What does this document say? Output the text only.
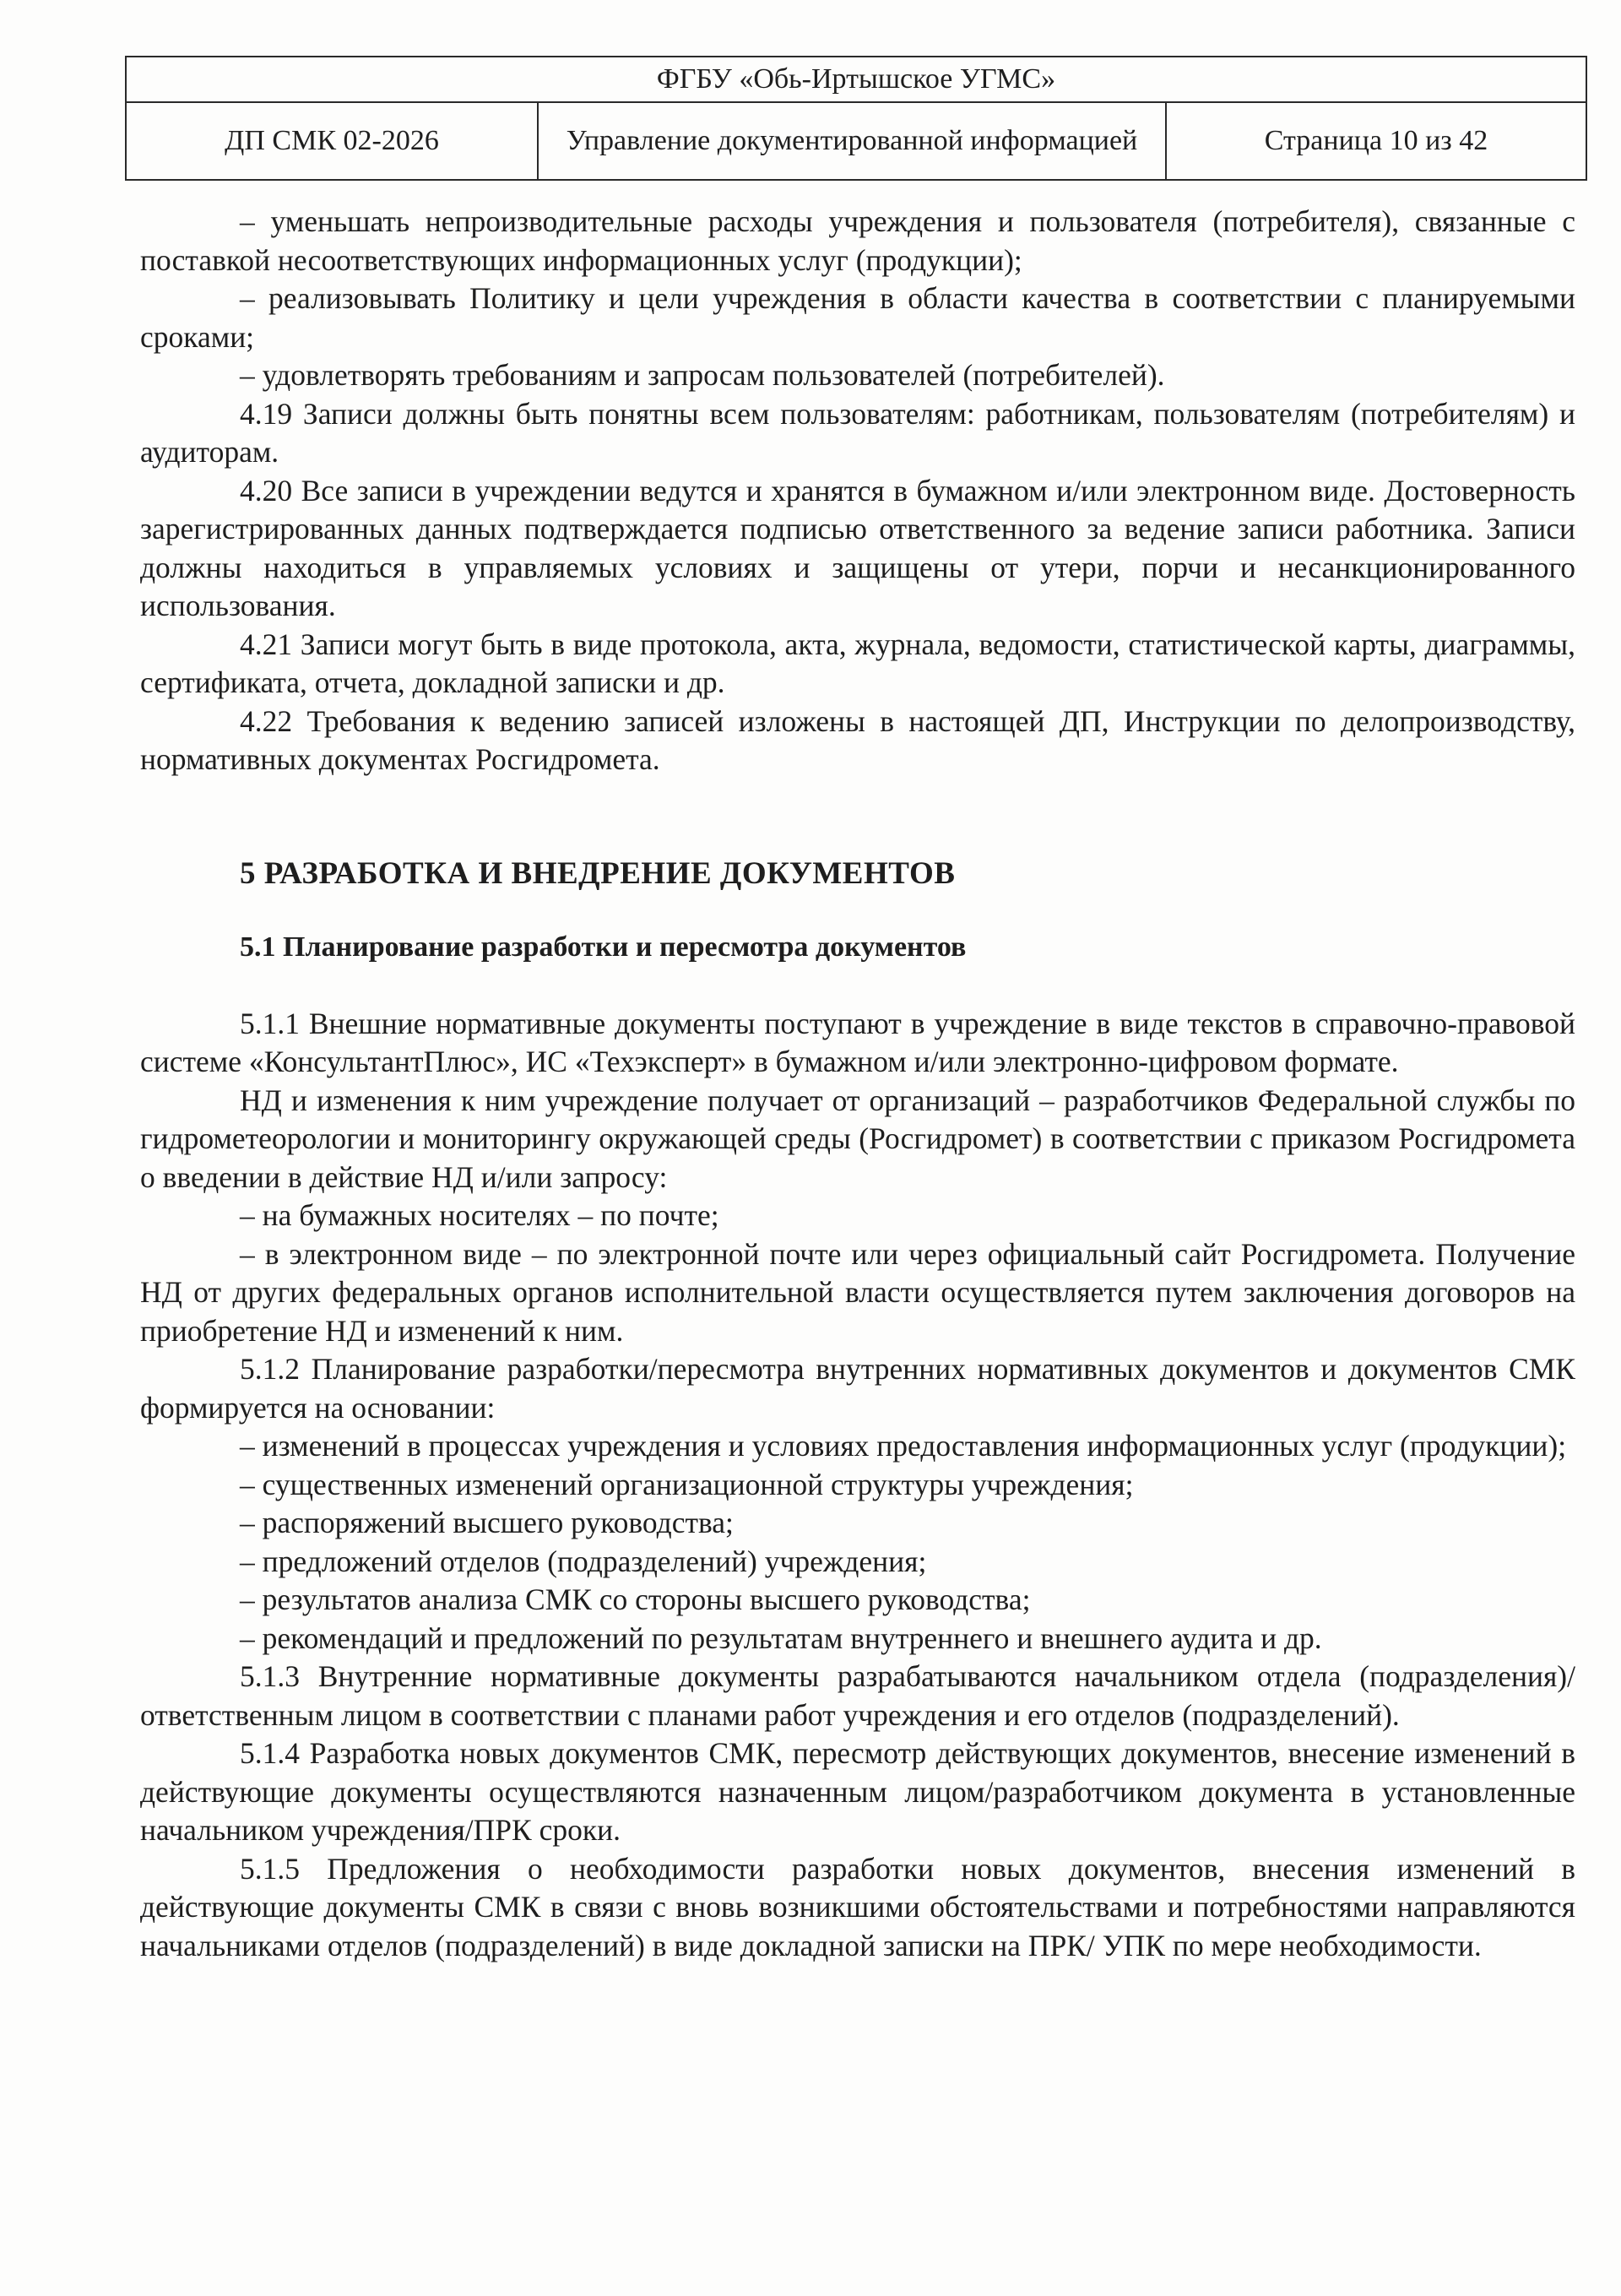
ФГБУ «Обь-Иртышское УГМС»
ДП СМК 02-2026	Управление документированной информацией	Страница 10 из 42

– уменьшать непроизводительные расходы учреждения и пользователя (потребителя), связанные с поставкой несоответствующих информационных услуг (продукции);

– реализовывать Политику и цели учреждения в области качества в соответствии с планируемыми сроками;

– удовлетворять требованиям и запросам пользователей (потребителей).

4.19 Записи должны быть понятны всем пользователям: работникам, пользователям (потребителям) и аудиторам.

4.20 Все записи в учреждении ведутся и хранятся в бумажном и/или электронном виде. Достоверность зарегистрированных данных подтверждается подписью ответственного за ведение записи работника. Записи должны находиться в управляемых условиях и защищены от утери, порчи и несанкционированного использования.

4.21 Записи могут быть в виде протокола, акта, журнала, ведомости, статистической карты, диаграммы, сертификата, отчета, докладной записки и др.

4.22 Требования к ведению записей изложены в настоящей ДП, Инструкции по делопроизводству, нормативных документах Росгидромета.

5 РАЗРАБОТКА И ВНЕДРЕНИЕ ДОКУМЕНТОВ
5.1 Планирование разработки и пересмотра документов

5.1.1 Внешние нормативные документы поступают в учреждение в виде текстов в справочно-правовой системе «КонсультантПлюс», ИС «Техэксперт» в бумажном и/или электронно-цифровом формате.

НД и изменения к ним учреждение получает от организаций – разработчиков Федеральной службы по гидрометеорологии и мониторингу окружающей среды (Росгидромет) в соответствии с приказом Росгидромета о введении в действие НД и/или запросу:

– на бумажных носителях – по почте;

– в электронном виде – по электронной почте или через официальный сайт Росгидромета. Получение НД от других федеральных органов исполнительной власти осуществляется путем заключения договоров на приобретение НД и изменений к ним.

5.1.2 Планирование разработки/пересмотра внутренних нормативных документов и документов СМК формируется на основании:

– изменений в процессах учреждения и условиях предоставления информационных услуг (продукции);

– существенных изменений организационной структуры учреждения;

– распоряжений высшего руководства;

– предложений отделов (подразделений) учреждения;

– результатов анализа СМК со стороны высшего руководства;

– рекомендаций и предложений по результатам внутреннего и внешнего аудита и др.

5.1.3 Внутренние нормативные документы разрабатываются начальником отдела (подразделения)/ответственным лицом в соответствии с планами работ учреждения и его отделов (подразделений).

5.1.4 Разработка новых документов СМК, пересмотр действующих документов, внесение изменений в действующие документы осуществляются назначенным лицом/разработчиком документа в установленные начальником учреждения/ПРК сроки.

5.1.5 Предложения о необходимости разработки новых документов, внесения изменений в действующие документы СМК в связи с вновь возникшими обстоятельствами и потребностями направляются начальниками отделов (подразделений) в виде докладной записки на ПРК/ УПК по мере необходимости.
